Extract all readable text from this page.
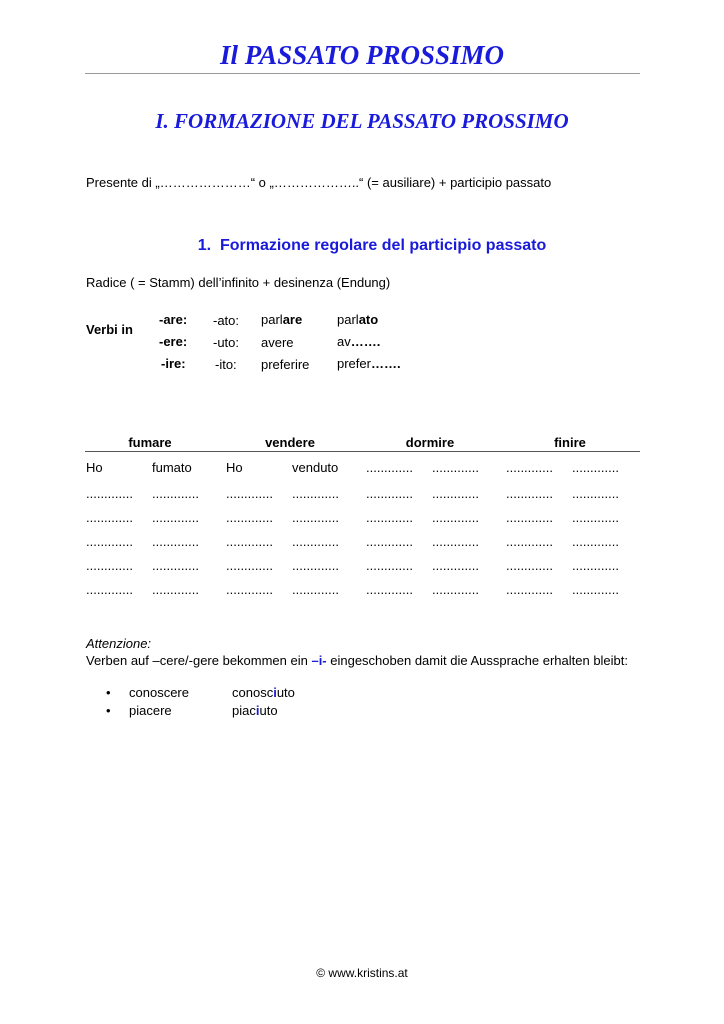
Il PASSATO PROSSIMO
I. FORMAZIONE DEL PASSATO PROSSIMO
Presente di „…………………“ o „………………..“ (= ausiliare) + participio passato
1. Formazione regolare del participio passato
Radice ( = Stamm) dell’infinito + desinenza (Endung)
Verbi in
-are: -ato: parlare	parlato
-ere: -uto: avere	av…….
-ire: -ito: preferire prefer…….
fumare	vendere	dormire	finire
Ho	fumato	Ho	venduto ............. ............. ............. .............
............. ............. ............. ............. ............. ............. ............. .............
............. ............. ............. ............. ............. ............. ............. .............
............. ............. ............. ............. ............. ............. ............. .............
............. ............. ............. ............. ............. ............. ............. .............
............. ............. ............. ............. ............. ............. ............. .............
Attenzione:
Verben auf –cere/-gere bekommen ein –i- eingeschoben damit die Aussprache erhalten bleibt:
• conoscere	conosciuto
• piacere	piaciuto
© www.kristins.at
